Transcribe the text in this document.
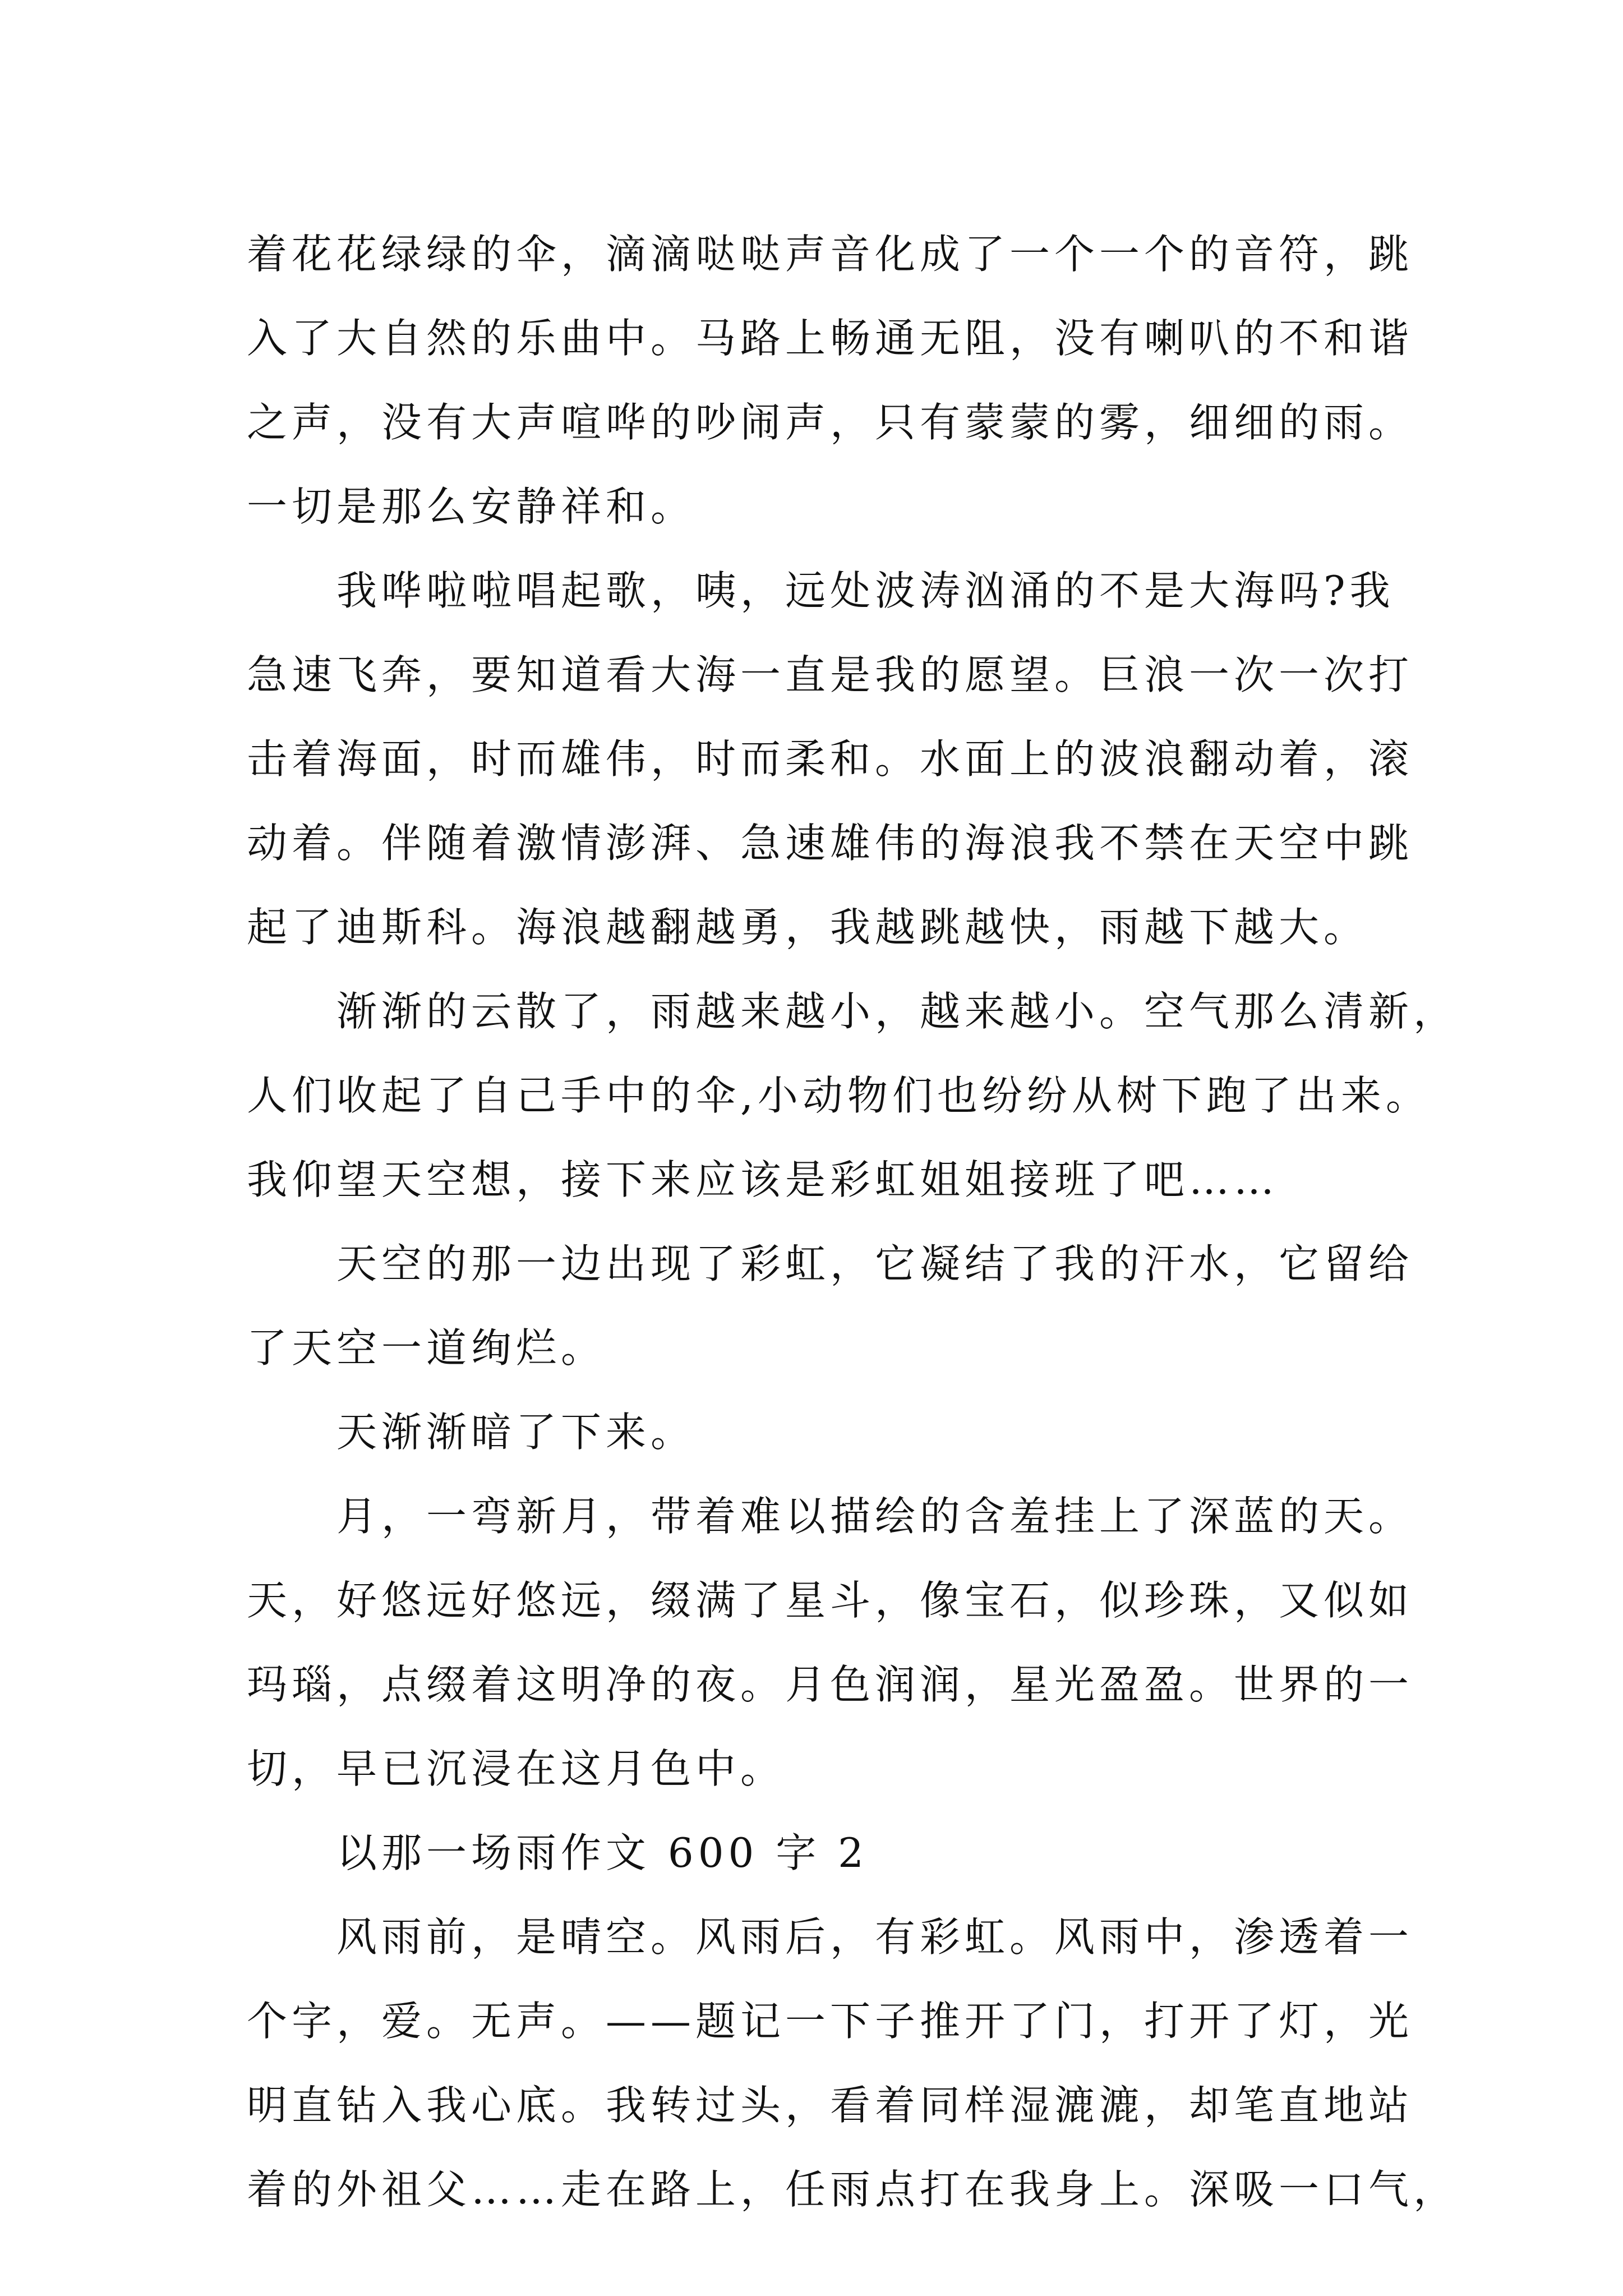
着花花绿绿的伞，滴滴哒哒声音化成了一个一个的音符，跳
入了大自然的乐曲中。马路上畅通无阻，没有喇叭的不和谐
之声，没有大声喧哗的吵闹声，只有蒙蒙的雾，细细的雨。
一切是那么安静祥和。
我哗啦啦唱起歌，咦，远处波涛汹涌的不是大海吗?我
急速飞奔，要知道看大海一直是我的愿望。巨浪一次一次打
击着海面，时而雄伟，时而柔和。水面上的波浪翻动着，滚
动着。伴随着激情澎湃、急速雄伟的海浪我不禁在天空中跳
起了迪斯科。海浪越翻越勇，我越跳越快，雨越下越大。
渐渐的云散了，雨越来越小，越来越小。空气那么清新，
人们收起了自己手中的伞,小动物们也纷纷从树下跑了出来。
我仰望天空想，接下来应该是彩虹姐姐接班了吧……
天空的那一边出现了彩虹，它凝结了我的汗水，它留给
了天空一道绚烂。
天渐渐暗了下来。
月，一弯新月，带着难以描绘的含羞挂上了深蓝的天。
天，好悠远好悠远，缀满了星斗，像宝石，似珍珠，又似如
玛瑙，点缀着这明净的夜。月色润润，星光盈盈。世界的一
切，早已沉浸在这月色中。
以那一场雨作文 600 字 2
风雨前，是晴空。风雨后，有彩虹。风雨中，渗透着一
个字，爱。无声。——题记一下子推开了门，打开了灯，光
明直钻入我心底。我转过头，看着同样湿漉漉，却笔直地站
着的外祖父……走在路上，任雨点打在我身上。深吸一口气，
